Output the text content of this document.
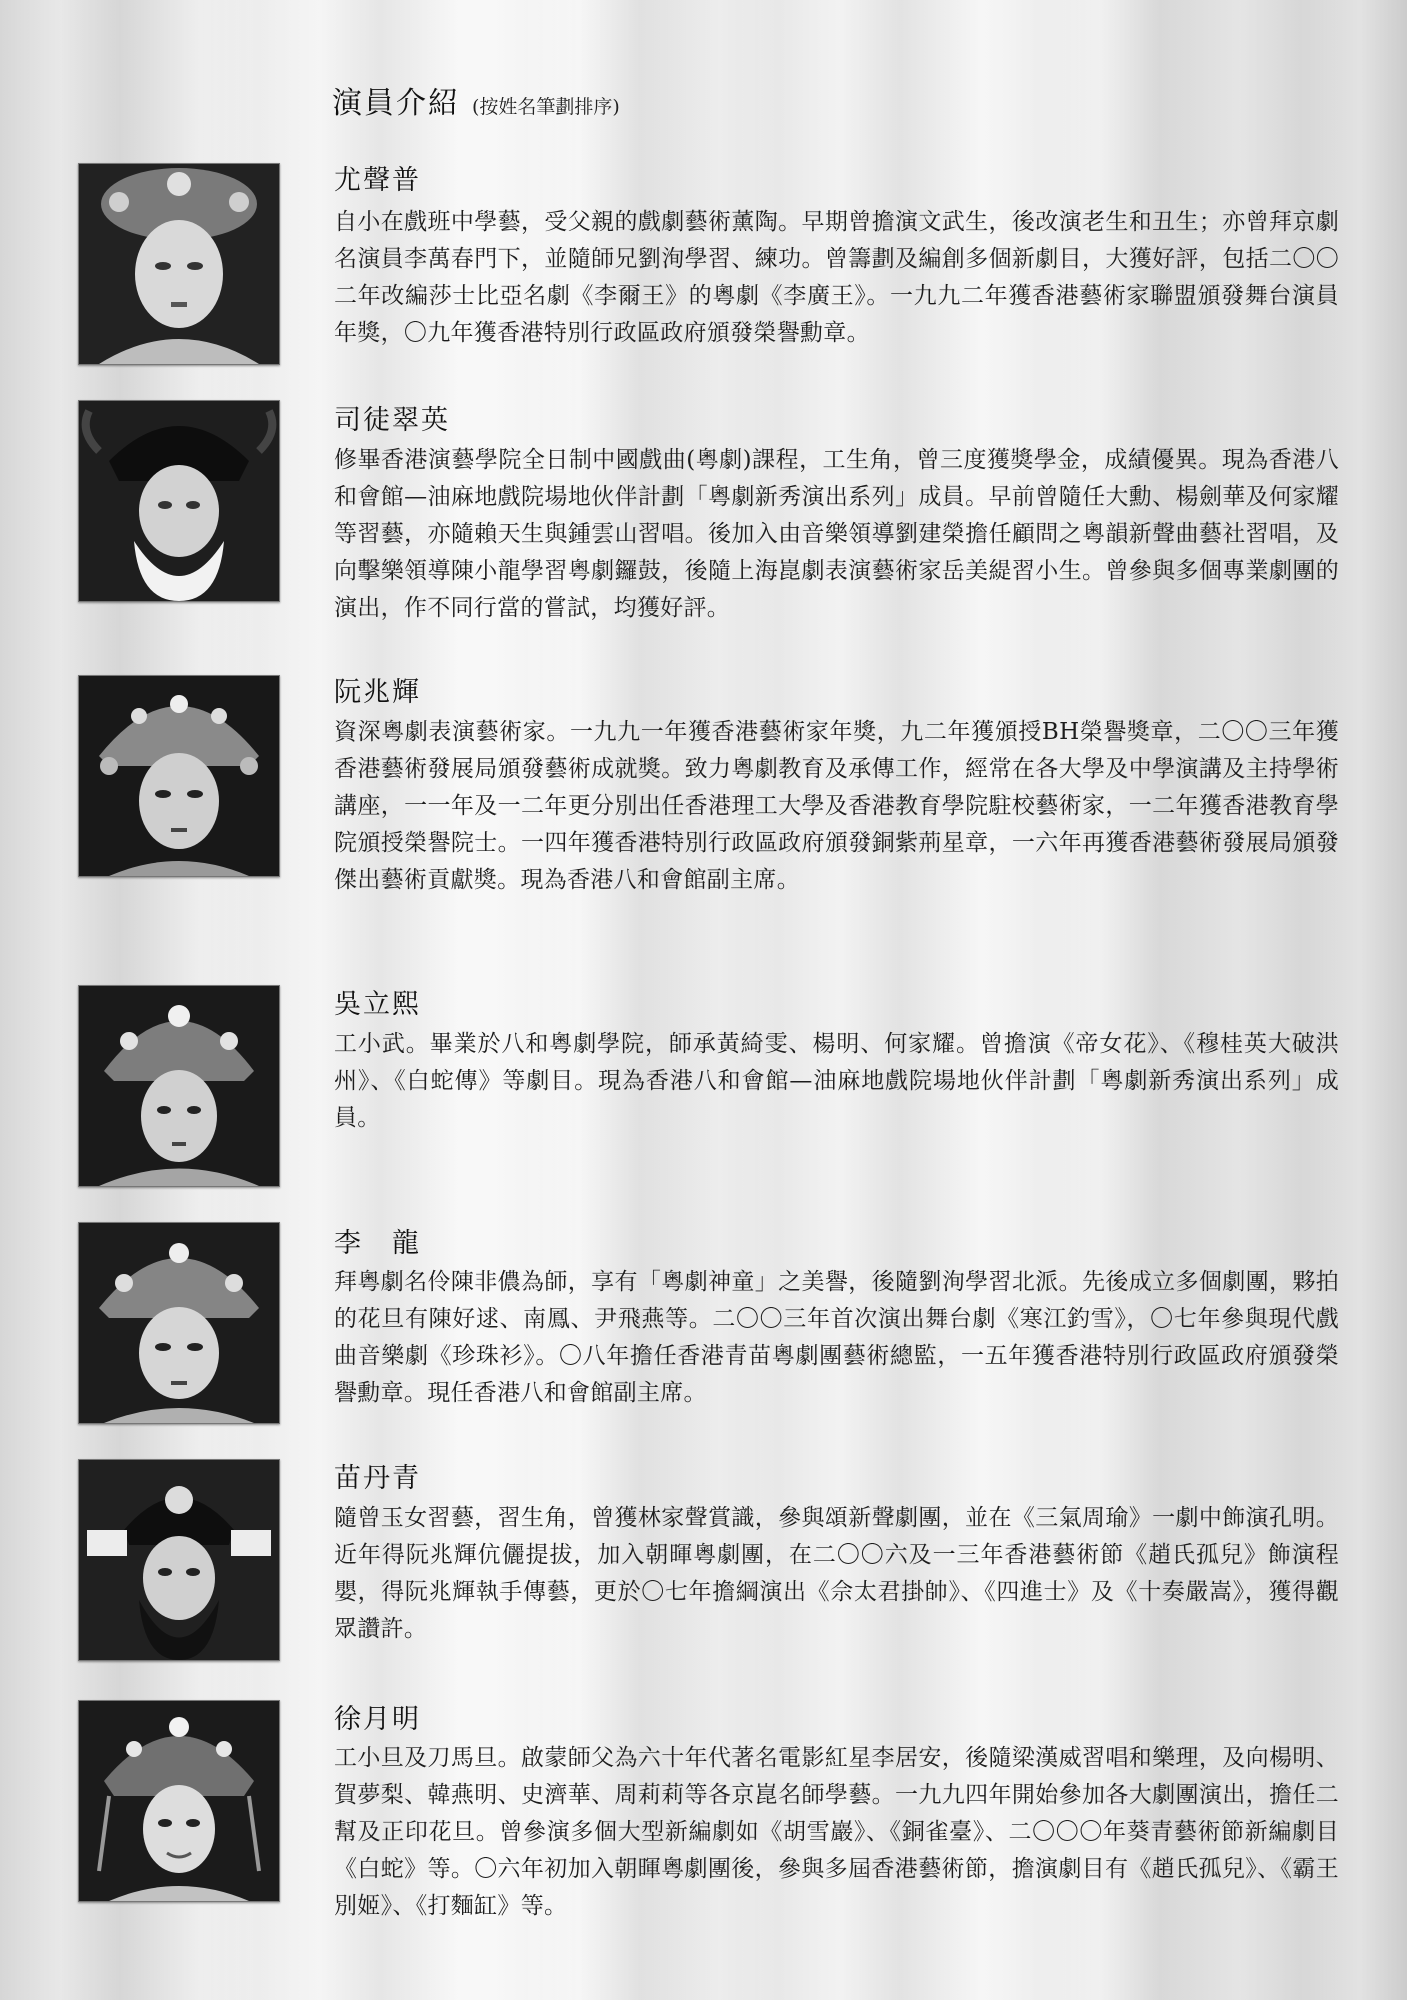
演員介紹 (按姓名筆劃排序)
尤聲普
自小在戲班中學藝，受父親的戲劇藝術薰陶。早期曾擔演文武生，後改演老生和丑生；亦曾拜京劇名演員李萬春門下，並隨師兄劉洵學習、練功。曾籌劃及編創多個新劇目，大獲好評，包括二〇〇二年改編莎士比亞名劇《李爾王》的粵劇《李廣王》。一九九二年獲香港藝術家聯盟頒發舞台演員年獎，〇九年獲香港特別行政區政府頒發榮譽勳章。
司徒翠英
修畢香港演藝學院全日制中國戲曲(粵劇)課程，工生角，曾三度獲獎學金，成績優異。現為香港八和會館—油麻地戲院場地伙伴計劃「粵劇新秀演出系列」成員。早前曾隨任大勳、楊劍華及何家耀等習藝，亦隨賴天生與鍾雲山習唱。後加入由音樂領導劉建榮擔任顧問之粵韻新聲曲藝社習唱，及向擊樂領導陳小龍學習粵劇鑼鼓，後隨上海崑劇表演藝術家岳美緹習小生。曾參與多個專業劇團的演出，作不同行當的嘗試，均獲好評。
阮兆輝
資深粵劇表演藝術家。一九九一年獲香港藝術家年獎，九二年獲頒授BH榮譽獎章，二〇〇三年獲香港藝術發展局頒發藝術成就獎。致力粵劇教育及承傳工作，經常在各大學及中學演講及主持學術講座，一一年及一二年更分別出任香港理工大學及香港教育學院駐校藝術家，一二年獲香港教育學院頒授榮譽院士。一四年獲香港特別行政區政府頒發銅紫荊星章，一六年再獲香港藝術發展局頒發傑出藝術貢獻獎。現為香港八和會館副主席。
吳立熙
工小武。畢業於八和粵劇學院，師承黃綺雯、楊明、何家耀。曾擔演《帝女花》、《穆桂英大破洪州》、《白蛇傳》等劇目。現為香港八和會館—油麻地戲院場地伙伴計劃「粵劇新秀演出系列」成員。
李　龍
拜粵劇名伶陳非儂為師，享有「粵劇神童」之美譽，後隨劉洵學習北派。先後成立多個劇團，夥拍的花旦有陳好逑、南鳳、尹飛燕等。二〇〇三年首次演出舞台劇《寒江釣雪》，〇七年參與現代戲曲音樂劇《珍珠衫》。〇八年擔任香港青苗粵劇團藝術總監，一五年獲香港特別行政區政府頒發榮譽勳章。現任香港八和會館副主席。
苗丹青
隨曾玉女習藝，習生角，曾獲林家聲賞識，參與頌新聲劇團，並在《三氣周瑜》一劇中飾演孔明。近年得阮兆輝伉儷提拔，加入朝暉粵劇團，在二〇〇六及一三年香港藝術節《趙氏孤兒》飾演程嬰，得阮兆輝執手傳藝，更於〇七年擔綱演出《佘太君掛帥》、《四進士》及《十奏嚴嵩》，獲得觀眾讚許。
徐月明
工小旦及刀馬旦。啟蒙師父為六十年代著名電影紅星李居安，後隨梁漢威習唱和樂理，及向楊明、賀夢梨、韓燕明、史濟華、周莉莉等各京崑名師學藝。一九九四年開始參加各大劇團演出，擔任二幫及正印花旦。曾參演多個大型新編劇如《胡雪巖》、《銅雀臺》、二〇〇〇年葵青藝術節新編劇目《白蛇》等。〇六年初加入朝暉粵劇團後，參與多屆香港藝術節，擔演劇目有《趙氏孤兒》、《霸王別姬》、《打麵缸》等。
